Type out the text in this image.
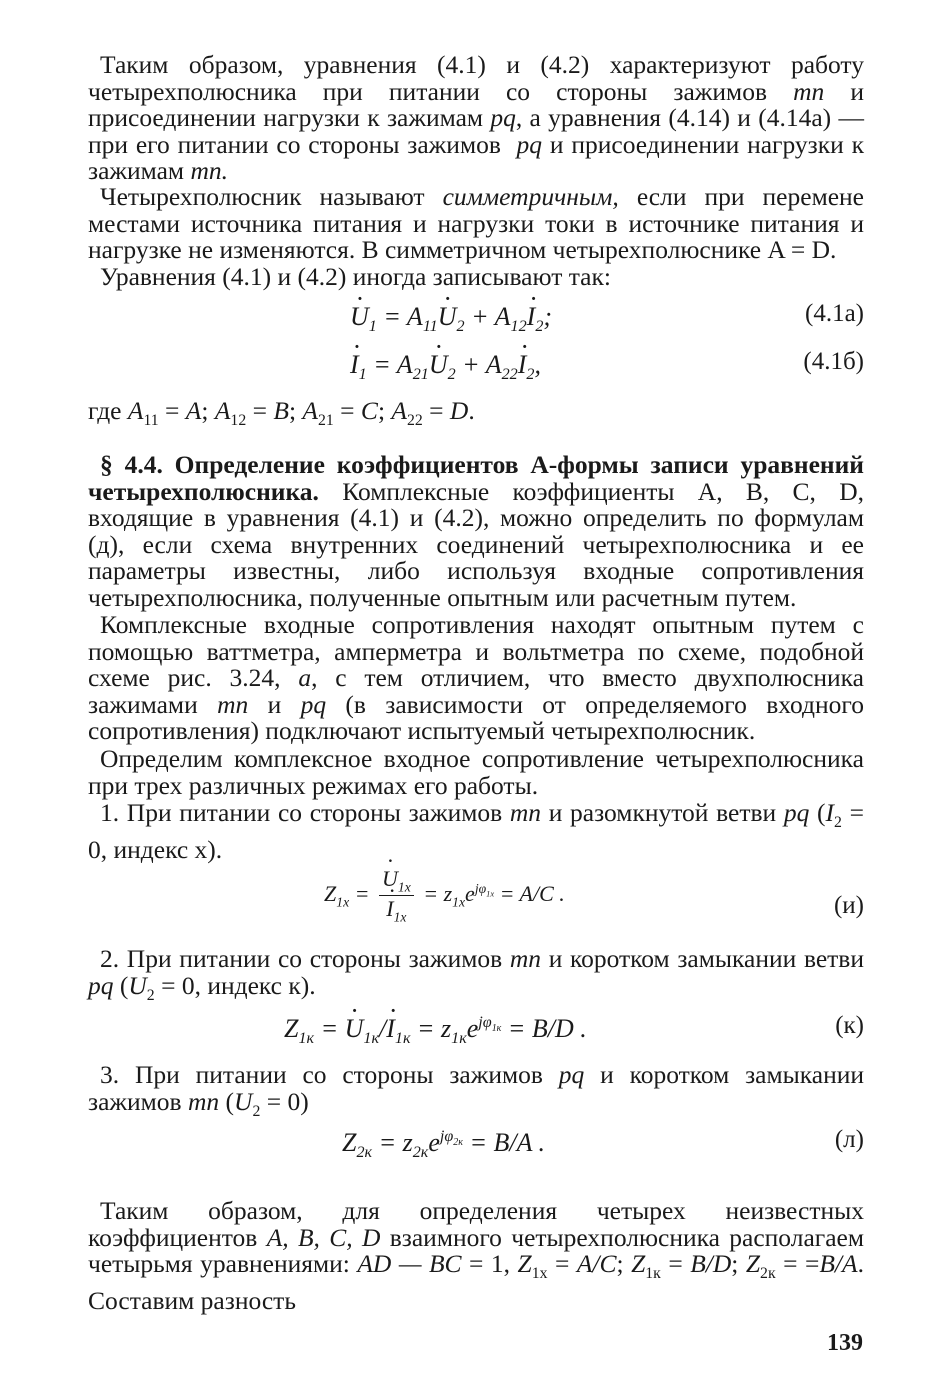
Таким образом, уравнения (4.1) и (4.2) характеризуют работу четырехполюсника при питании со стороны зажимов mn и присоединении нагрузки к зажимам pq, а уравнения (4.14) и (4.14а) — при его питании со стороны зажимов  pq и присоединении нагрузки к зажимам mn.

Четырехполюсник называют симметричным, если при перемене местами источника питания и нагрузки токи в источнике питания и нагрузке не изменяются. В симметричном четырехполюснике A = D.

Уравнения (4.1) и (4.2) иногда записывают так:

· $U_1 = A_{11}\cdot U_2 + A_{12}\cdot I_2$;	(4.1а)
· $I_1 = A_{21}\cdot U_2 + A_{22}\cdot I_2$,	(4.1б)

где $A_{11} = A$; $A_{12} = B$; $A_{21} = C$; $A_{22} = D$.

§ 4.4. Определение коэффициентов A-формы записи уравнений четырехполюсника. Комплексные коэффициенты A, B, C, D, входящие в уравнения (4.1) и (4.2), можно определить по формулам (д), если схема внутренних соединений четырехполюсника и ее параметры известны, либо используя входные сопротивления четырехполюсника, полученные опытным или расчетным путем.

Комплексные входные сопротивления находят опытным путем с помощью ваттметра, амперметра и вольтметра по схеме, подобной схеме рис. 3.24, а, с тем отличием, что вместо двухполюсника зажимами mn и pq (в зависимости от определяемого входного сопротивления) подключают испытуемый четырехполюсник.

Определим комплексное входное сопротивление четырехполюсника при трех различных режимах его работы.

1. При питании со стороны зажимов mn и разомкнутой ветви pq ($I_2 = 0$, индекс х).

$Z_{1x}$ =
· $U_{1x}$
· $I_{1x} = z_{1x}e^{j\varphi_{1x}} = A/C$ .	(и)

2. При питании со стороны зажимов mn и коротком замыкании ветви pq ($U_2 = 0$, индекс к).

$Z_{1к}$ = · $U_{1к}/\cdot I_{1к} = z_{1к}e^{j\varphi_{1к}} = B/D$ .	(к)

3. При питании со стороны зажимов pq и коротком замыкании зажимов mn $(U_2 = 0)$

$Z_{2к} = z_{2к}e^{j\varphi_{2к}} = B/A$ .	(л)

Таким образом, для определения четырех неизвестных коэффициентов A, B, C, D взаимного четырехполюсника располагаем четырьмя уравнениями: AD — BC = 1, $Z_{1x} = A/C$; $Z_{1к} = B/D$; $Z_{2к} = =B/A$. Составим разность

139
